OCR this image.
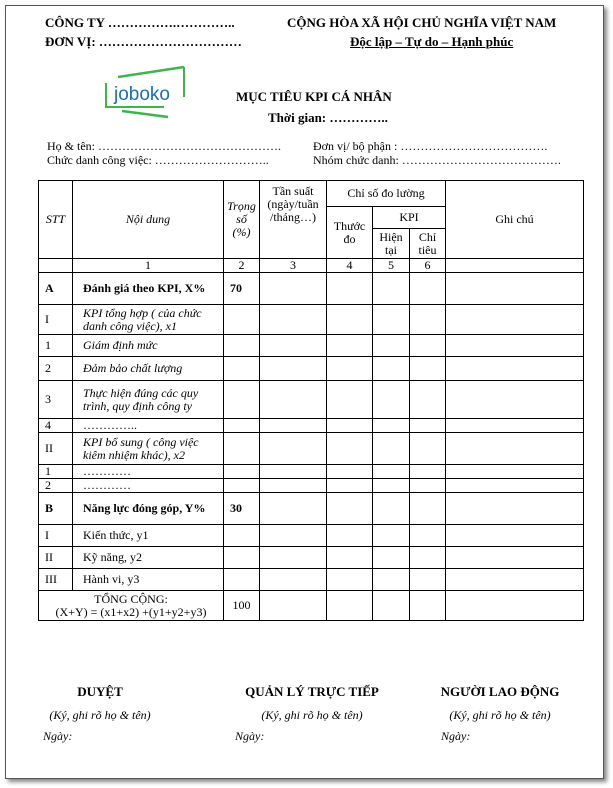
CÔNG TY …………….…………..
ĐƠN VỊ: ……………………………
CỘNG HÒA XÃ HỘI CHỦ NGHĨA VIỆT NAM
Độc lập – Tự do – Hạnh phúc
joboko	MỤC TIÊU KPI CÁ NHÂN
Thời gian: …………..
Họ & tên: ……………………………………….	Đơn vị/ bộ phận : ……………………………….
Chức danh công việc: ………………………..	Nhóm chức danh: ………………………………….
STT	Nội dung	Trọng số (%)	Tần suất (ngày/tuần /tháng…)	Chỉ số đo lường			Ghi chú
				Thước đo	KPI		
					Hiện tại	Chỉ tiêu	
	1	2	3	4	5	6	
A	Đánh giá theo KPI, X%	70					
I	KPI tổng hợp ( của chức danh công việc), x1						
1	Giám định mức						
2	Đảm bảo chất lượng						
3	Thực hiện đúng các quy trình, quy định công ty						
4	…………..						
II	KPI bổ sung ( công việc kiêm nhiệm khác), x2						
1	…………						
2	…………						
B	Năng lực đóng góp, Y%	30					
I	Kiến thức, y1						
II	Kỹ năng, y2						
III	Hành vi, y3						

TỔNG CỘNG:
(X+Y) = (x1+x2) +(y1+y2+y3)		100					
DUYỆT
(Ký, ghi rõ họ & tên)
Ngày:
QUẢN LÝ TRỰC TIẾP
(Ký, ghi rõ họ & tên)
Ngày:
NGƯỜI LAO ĐỘNG
(Ký, ghi rõ họ & tên)
Ngày:
